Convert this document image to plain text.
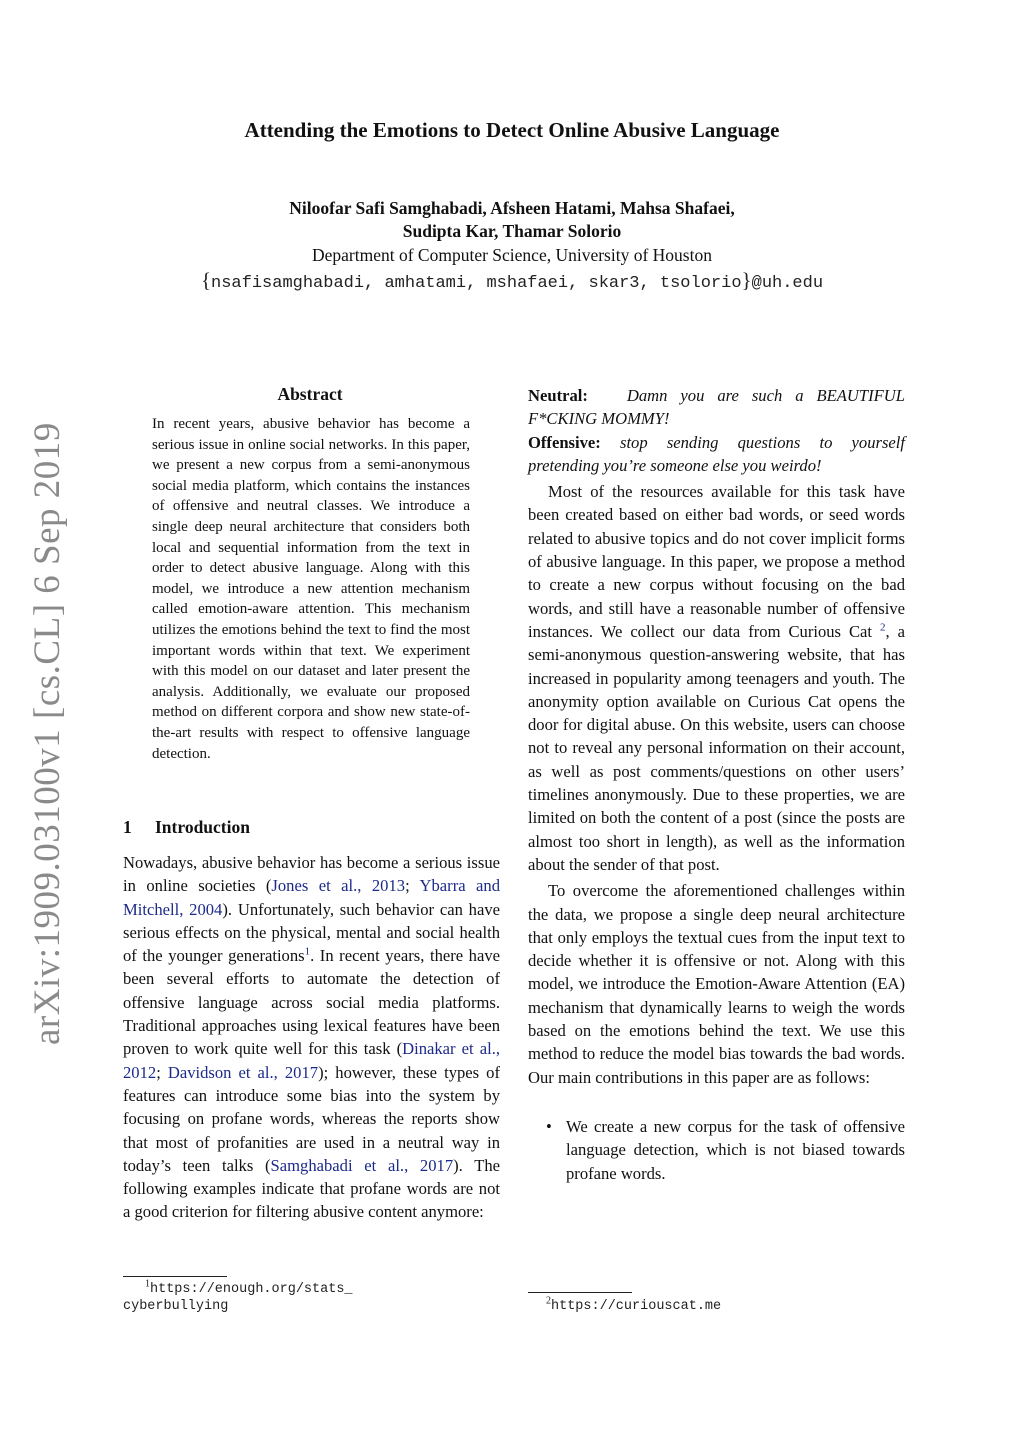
Attending the Emotions to Detect Online Abusive Language
Niloofar Safi Samghabadi, Afsheen Hatami, Mahsa Shafaei,
Sudipta Kar, Thamar Solorio
Department of Computer Science, University of Houston
{nsafisamghabadi, amhatami, mshafaei, skar3, tsolorio}@uh.edu
arXiv:1909.03100v1 [cs.CL] 6 Sep 2019
Abstract
In recent years, abusive behavior has become a serious issue in online social networks. In this paper, we present a new corpus from a semi-anonymous social media platform, which contains the instances of offensive and neutral classes. We introduce a single deep neural architecture that considers both local and sequential information from the text in order to detect abusive language. Along with this model, we introduce a new attention mechanism called emotion-aware attention. This mechanism utilizes the emotions behind the text to find the most important words within that text. We experiment with this model on our dataset and later present the analysis. Additionally, we evaluate our proposed method on different corpora and show new state-of-the-art results with respect to offensive language detection.
1 Introduction

Nowadays, abusive behavior has become a serious issue in online societies (Jones et al., 2013; Ybarra and Mitchell, 2004). Unfortunately, such behavior can have serious effects on the physical, mental and social health of the younger generations$^1$. In recent years, there have been several efforts to automate the detection of offensive language across social media platforms. Traditional approaches using lexical features have been proven to work quite well for this task (Dinakar et al., 2012; Davidson et al., 2017); however, these types of features can introduce some bias into the system by focusing on profane words, whereas the reports show that most of profanities are used in a neutral way in today’s teen talks (Samghabadi et al., 2017). The following examples indicate that profane words are not a good criterion for filtering abusive content anymore:

Neutral: Damn you are such a BEAUTIFUL F*CKING MOMMY!

Offensive: stop sending questions to yourself pretending you’re someone else you weirdo!

Most of the resources available for this task have been created based on either bad words, or seed words related to abusive topics and do not cover implicit forms of abusive language. In this paper, we propose a method to create a new corpus without focusing on the bad words, and still have a reasonable number of offensive instances. We collect our data from Curious Cat $^2$, a semi-anonymous question-answering website, that has increased in popularity among teenagers and youth. The anonymity option available on Curious Cat opens the door for digital abuse. On this website, users can choose not to reveal any personal information on their account, as well as post comments/questions on other users’ timelines anonymously. Due to these properties, we are limited on both the content of a post (since the posts are almost too short in length), as well as the information about the sender of that post.

To overcome the aforementioned challenges within the data, we propose a single deep neural architecture that only employs the textual cues from the input text to decide whether it is offensive or not. Along with this model, we introduce the Emotion-Aware Attention (EA) mechanism that dynamically learns to weigh the words based on the emotions behind the text. We use this method to reduce the model bias towards the bad words. Our main contributions in this paper are as follows:

• We create a new corpus for the task of offensive language detection, which is not biased towards profane words.
$^1$https://enough.org/stats_
cyberbullying	$^2$https://curiouscat.me
